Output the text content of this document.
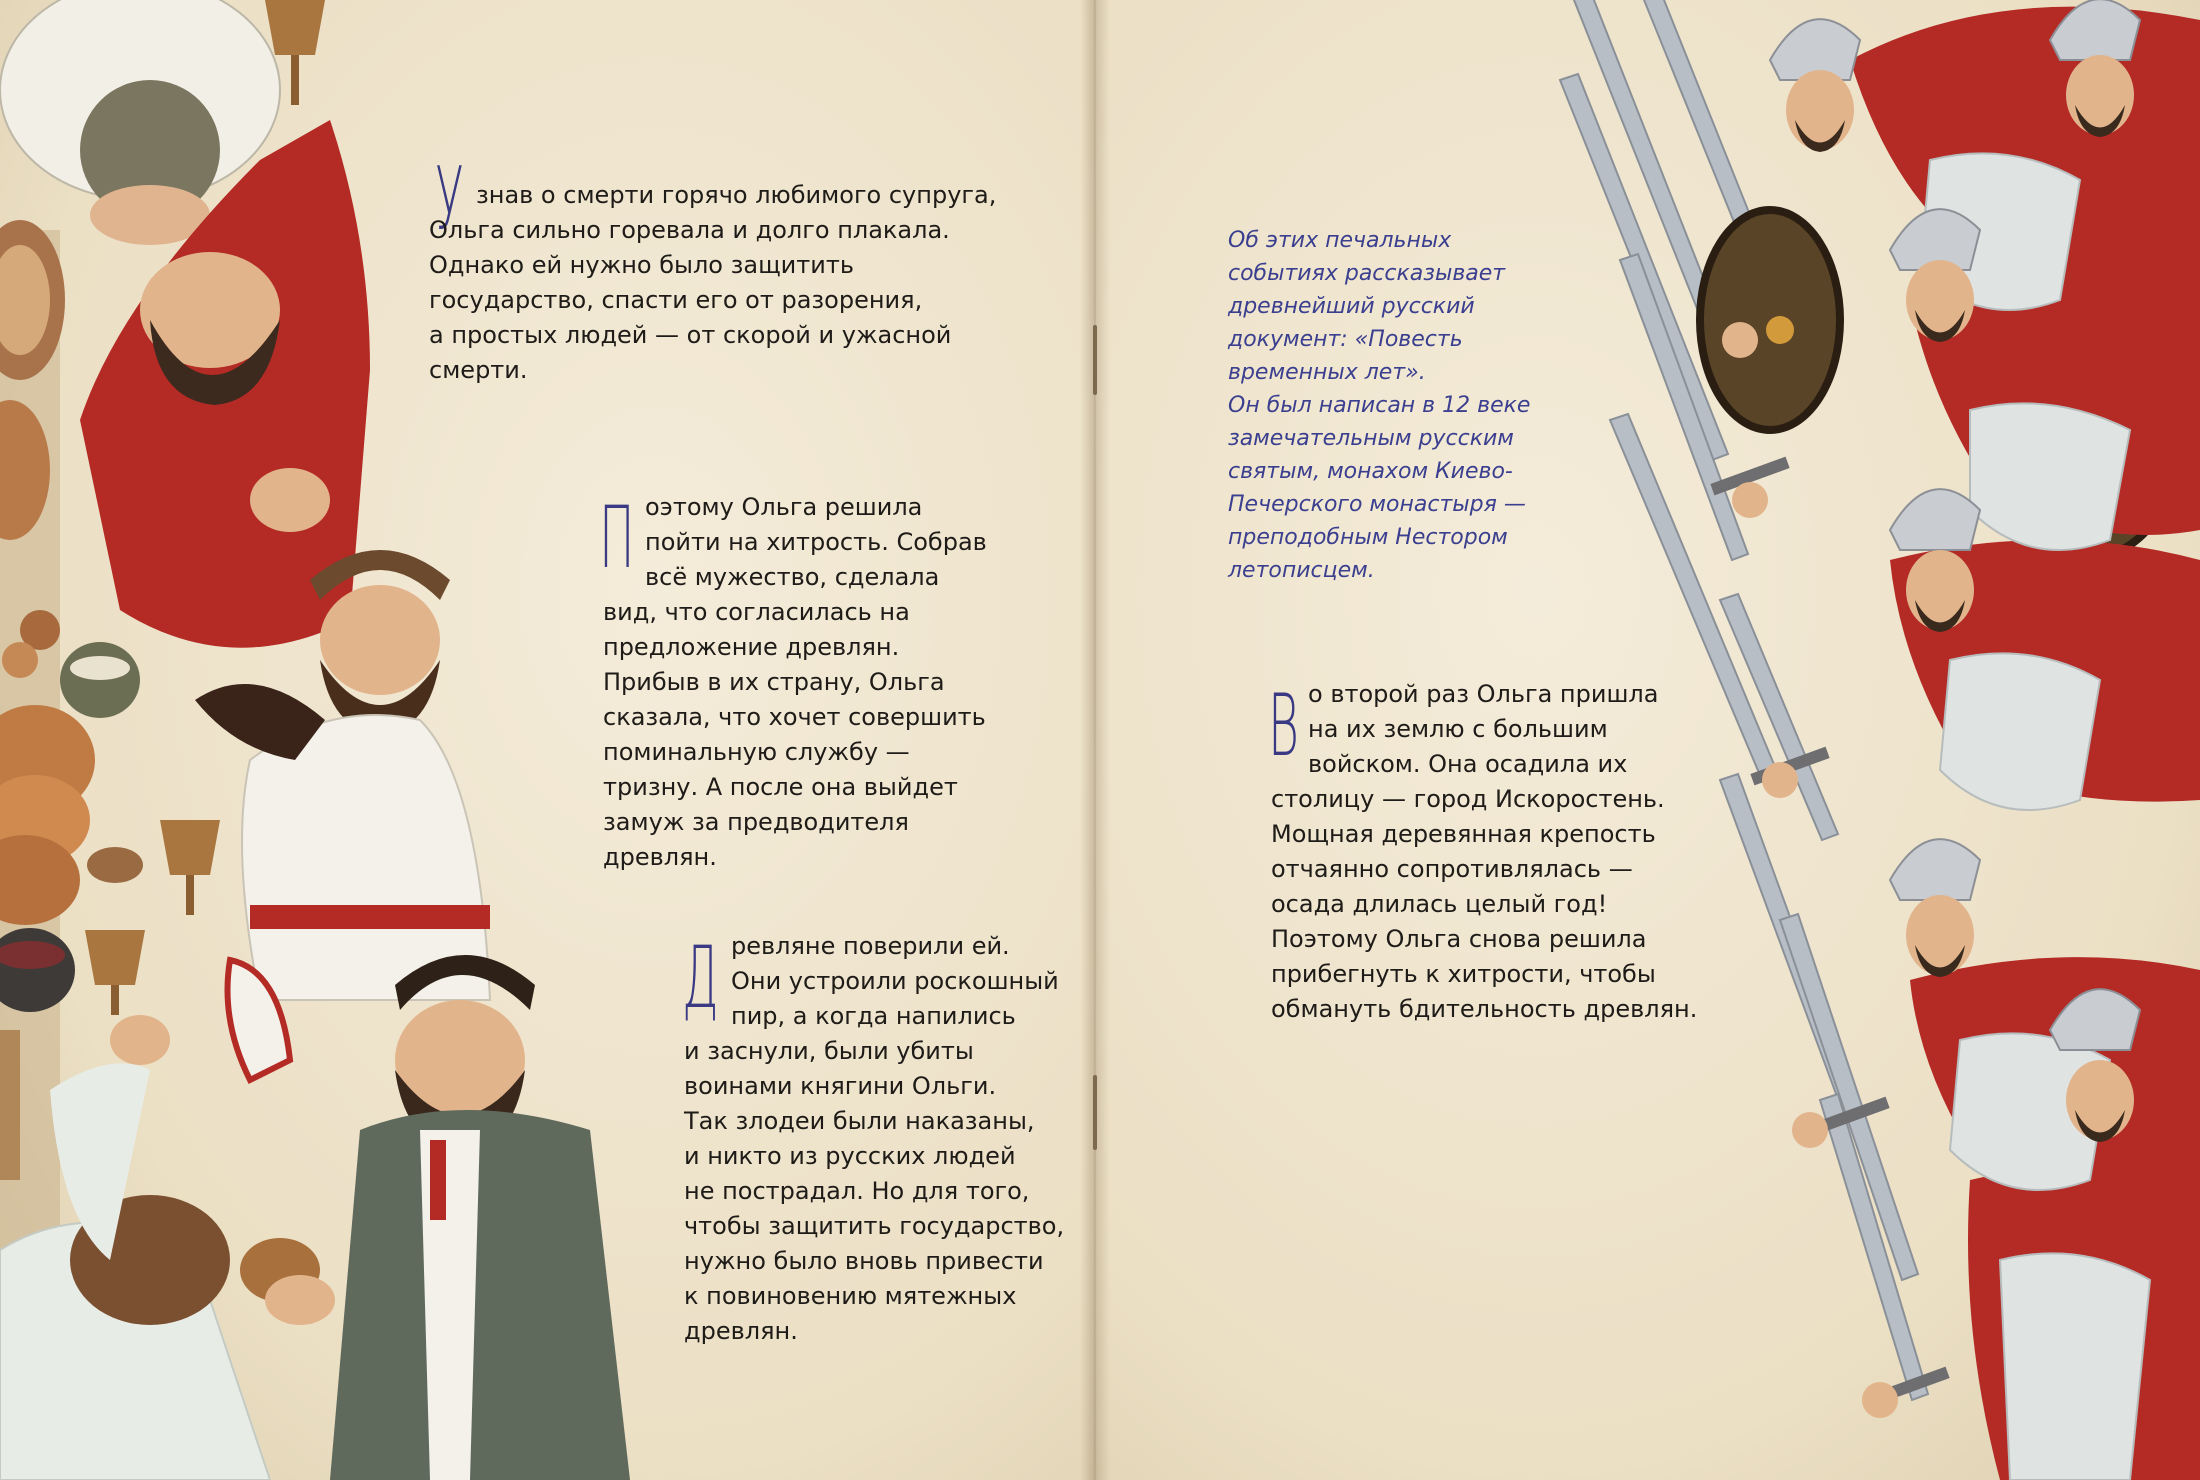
У знав о смерти горячо любимого супруга,
Ольга сильно горевала и долго плакала.
Однако ей нужно было защитить
государство, спасти его от разорения,
а простых людей — от скорой и ужасной
смерти.
П оэтому Ольга решила
пойти на хитрость. Собрав
всё мужество, сделала
вид, что согласилась на
предложение древлян.
Прибыв в их страну, Ольга
сказала, что хочет совершить
поминальную службу —
тризну. А после она выйдет
замуж за предводителя
древлян.
Д ревляне поверили ей.
Они устроили роскошный
пир, а когда напились
и заснули, были убиты
воинами княгини Ольги.
Так злодеи были наказаны,
и никто из русских людей
не пострадал. Но для того,
чтобы защитить государство,
нужно было вновь привести
к повиновению мятежных
древлян.
Об этих печальных
событиях рассказывает
древнейший русский
документ: «Повесть
временных лет».
Он был написан в 12 веке
замечательным русским
святым, монахом Киево-
Печерского монастыря —
преподобным Нестором
летописцем.
В о второй раз Ольга пришла
на их землю с большим
войском. Она осадила их
столицу — город Искоростень.
Мощная деревянная крепость
отчаянно сопротивлялась —
осада длилась целый год!
Поэтому Ольга снова решила
прибегнуть к хитрости, чтобы
обмануть бдительность древлян.
